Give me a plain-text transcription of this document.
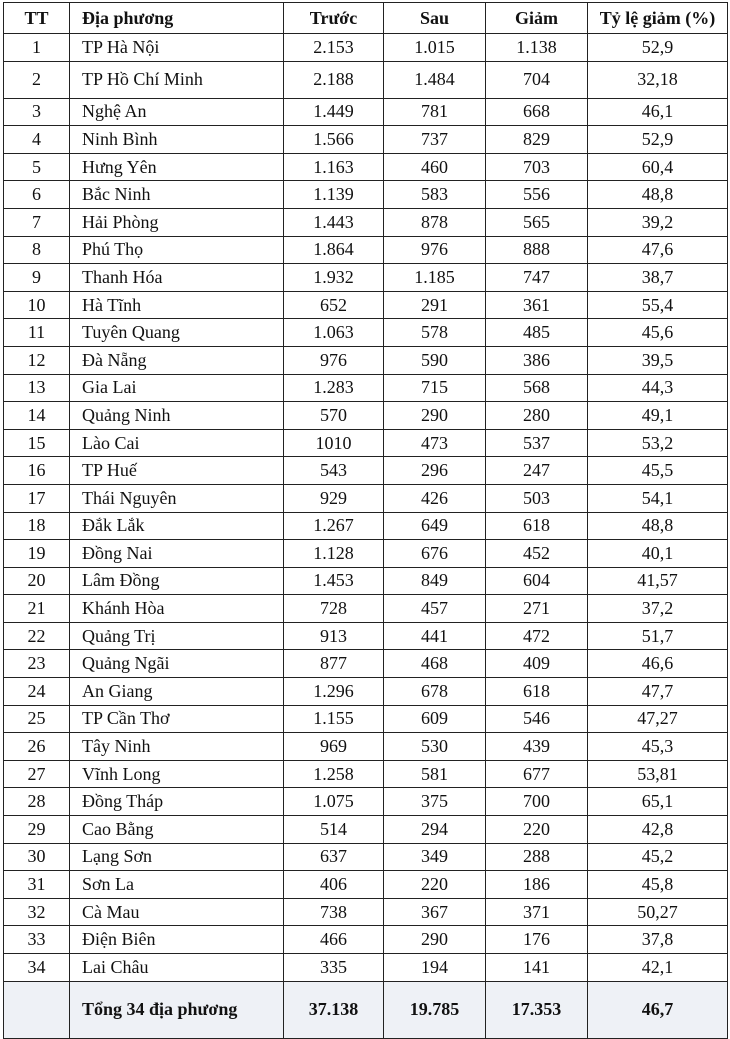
TT	Địa phương	Trước	Sau	Giảm	Tỷ lệ giảm (%)
1	TP Hà Nội	2.153	1.015	1.138	52,9
2	TP Hồ Chí Minh	2.188	1.484	704	32,18
3	Nghệ An	1.449	781	668	46,1
4	Ninh Bình	1.566	737	829	52,9
5	Hưng Yên	1.163	460	703	60,4
6	Bắc Ninh	1.139	583	556	48,8
7	Hải Phòng	1.443	878	565	39,2
8	Phú Thọ	1.864	976	888	47,6
9	Thanh Hóa	1.932	1.185	747	38,7
10	Hà Tĩnh	652	291	361	55,4
11	Tuyên Quang	1.063	578	485	45,6
12	Đà Nẵng	976	590	386	39,5
13	Gia Lai	1.283	715	568	44,3
14	Quảng Ninh	570	290	280	49,1
15	Lào Cai	1010	473	537	53,2
16	TP Huế	543	296	247	45,5
17	Thái Nguyên	929	426	503	54,1
18	Đắk Lắk	1.267	649	618	48,8
19	Đồng Nai	1.128	676	452	40,1
20	Lâm Đồng	1.453	849	604	41,57
21	Khánh Hòa	728	457	271	37,2
22	Quảng Trị	913	441	472	51,7
23	Quảng Ngãi	877	468	409	46,6
24	An Giang	1.296	678	618	47,7
25	TP Cần Thơ	1.155	609	546	47,27
26	Tây Ninh	969	530	439	45,3
27	Vĩnh Long	1.258	581	677	53,81
28	Đồng Tháp	1.075	375	700	65,1
29	Cao Bằng	514	294	220	42,8
30	Lạng Sơn	637	349	288	45,2
31	Sơn La	406	220	186	45,8
32	Cà Mau	738	367	371	50,27
33	Điện Biên	466	290	176	37,8
34	Lai Châu	335	194	141	42,1
	Tổng 34 địa phương	37.138	19.785	17.353	46,7
